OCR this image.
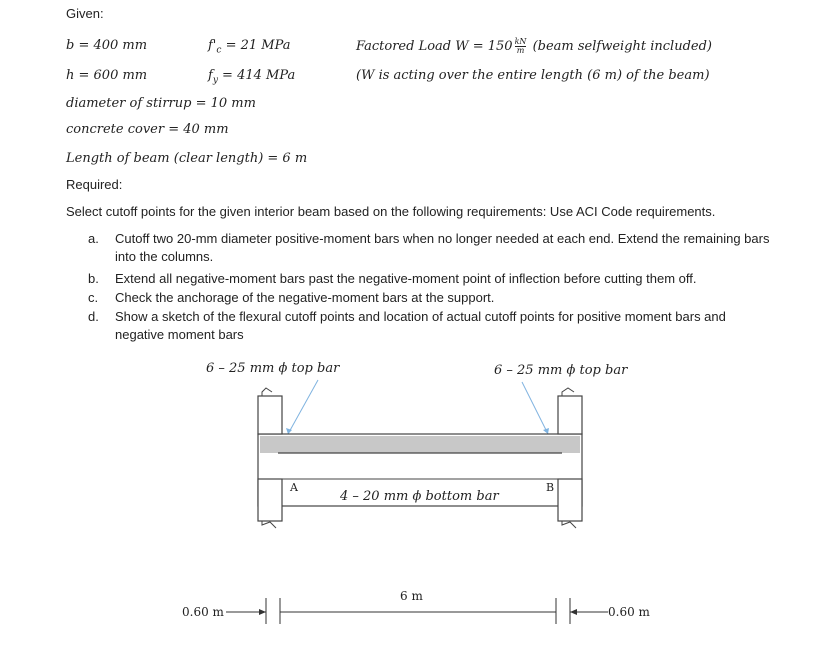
Given:
b = 400 mm
h = 600 mm
$f'_c = 21$ MPa
$f_y = 414$ MPa
Factored Load $W = 150 \frac{kN}{m}$ (beam selfweight included)
(W is acting over the entire length (6 m) of the beam)
diameter of stirrup = 10 mm
concrete cover = 40 mm
Length of beam (clear length) = 6 m
Required:
Select cutoff points for the given interior beam based on the following requirements: Use ACI Code requirements.
a. Cutoff two 20-mm diameter positive-moment bars when no longer needed at each end. Extend the remaining bars into the columns.
b. Extend all negative-moment bars past the negative-moment point of inflection before cutting them off.
c. Check the anchorage of the negative-moment bars at the support.
d. Show a sketch of the flexural cutoff points and location of actual cutoff points for positive moment bars and negative moment bars
6 – 25 mm ϕ top bar	6 – 25 mm ϕ top bar
A	B
4 – 20 mm ϕ bottom bar
6 m
0.60 m	0.60 m
